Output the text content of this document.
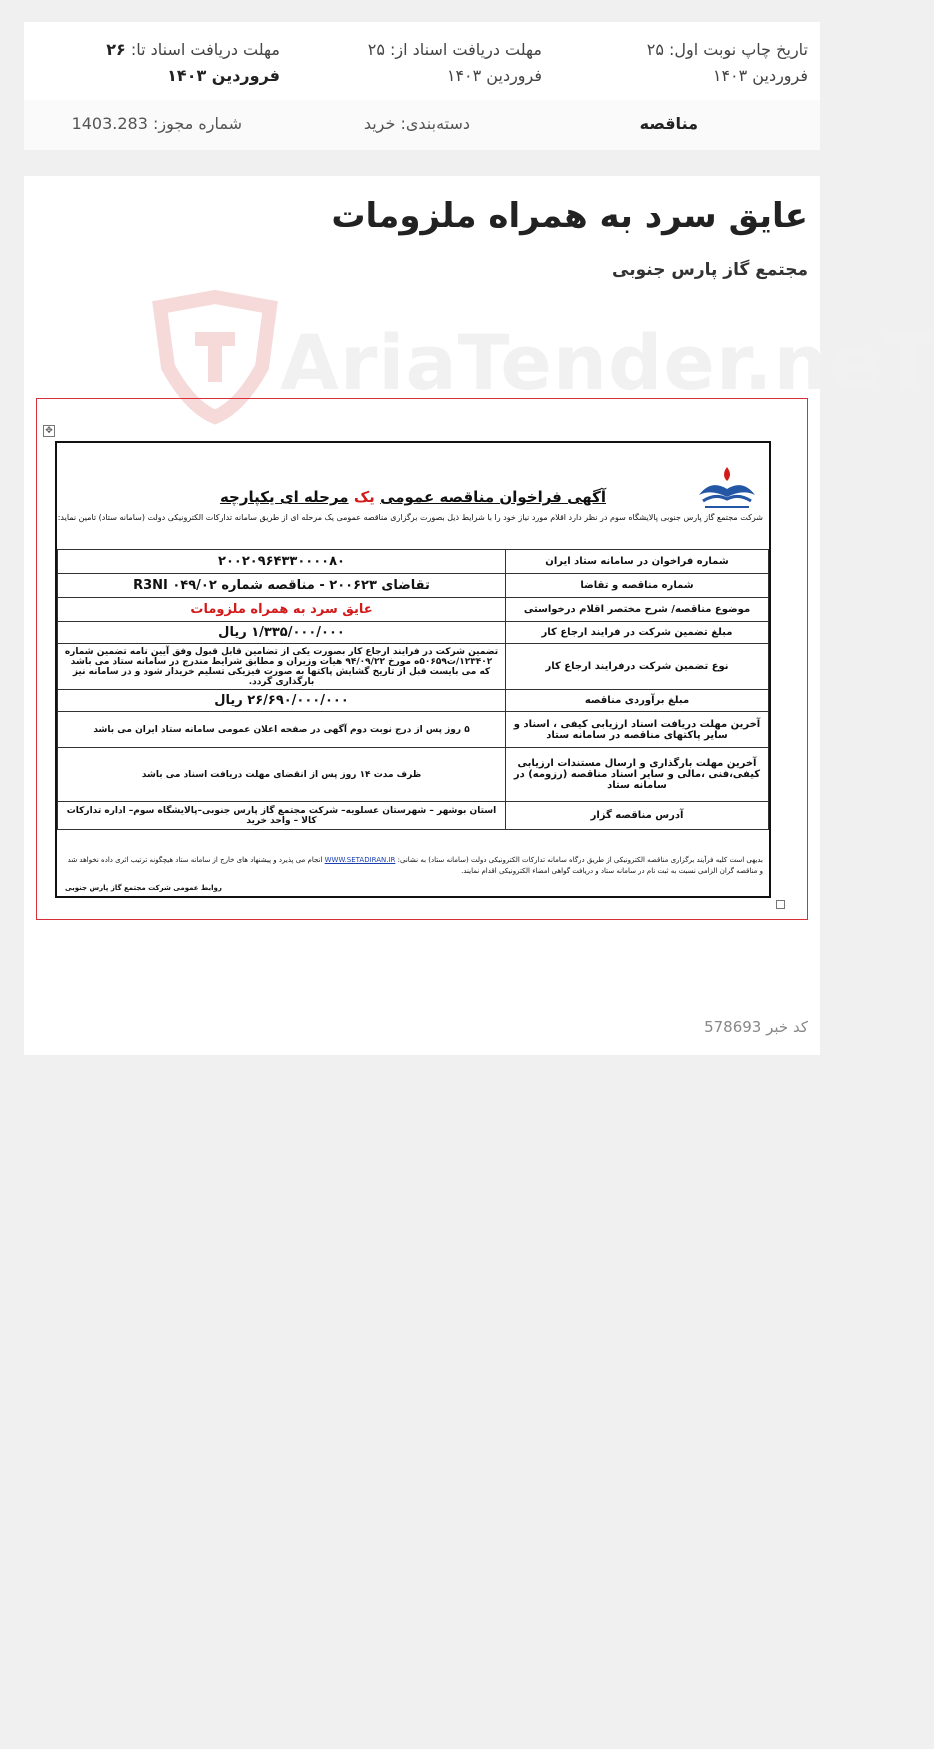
تاریخ چاپ نوبت اول: ۲۵ فروردین ۱۴۰۳
مهلت دریافت اسناد از: ۲۵ فروردین ۱۴۰۳
مهلت دریافت اسناد تا: ۲۶ فروردین ۱۴۰۳
مناقصه
دسته‌بندی: خرید
شماره مجوز: 1403.283
عایق سرد به همراه ملزومات
مجتمع گاز پارس جنوبی
AriaTender.neT
✥
آگهی فراخوان مناقصه عمومی یک مرحله ای یکپارچه
شرکت مجتمع گاز پارس جنوبی پالایشگاه سوم در نظر دارد اقلام مورد نیاز خود را با شرایط ذیل بصورت برگزاری مناقصه عمومی یک مرحله ای از طریق سامانه تدارکات الکترونیکی دولت (سامانه ستاد) تامین نماید:
شماره فراخوان در سامانه ستاد ایران	۲۰۰۲۰۹۶۴۳۳۰۰۰۰۸۰
شماره مناقصه و تقاضا	تقاضای ۲۰۰۶۲۳ - مناقصه شماره R3NI ۰۴۹/۰۲
موضوع مناقصه/ شرح مختصر اقلام درخواستی	عایق سرد به همراه ملزومات
مبلغ تضمین شرکت در فرایند ارجاع کار	۱/۳۳۵/۰۰۰/۰۰۰ ریال
نوع تضمین شرکت درفرایند ارجاع کار	تضمین شرکت در فرایند ارجاع کار بصورت یکی از تضامین قابل قبول وفق آیین نامه تضمین شماره ۱۲۳۴۰۲/ت۵۰۶۵۹ه مورخ ۹۴/۰۹/۲۲ هیات وزیران و مطابق شرایط مندرج در سامانه ستاد می باشد که می بایست قبل از تاریخ گشایش پاکتها به صورت فیزیکی تسلیم خریدار شود و در سامانه نیز بارگذاری گردد.
مبلغ برآوردی مناقصه	۲۶/۶۹۰/۰۰۰/۰۰۰ ریال
آخرین مهلت دریافت اسناد ارزیابی کیفی ، اسناد و سایر پاکتهای مناقصه در سامانه ستاد	۵ روز پس از درج نوبت دوم آگهی در صفحه اعلان عمومی سامانه ستاد ایران می باشد
آخرین مهلت بارگذاری و ارسال مستندات ارزیابی کیفی،فنی ،مالی و سایر اسناد مناقصه (رزومه) در سامانه ستاد	ظرف مدت ۱۴ روز پس از انقضای مهلت دریافت اسناد می باشد
آدرس مناقصه گزار	استان بوشهر – شهرستان عسلویه– شرکت مجتمع گاز پارس جنوبی–پالایشگاه سوم– اداره تدارکات کالا – واحد خرید
بدیهی است کلیه فرآیند برگزاری مناقصه الکترونیکی از طریق درگاه سامانه تدارکات الکترونیکی دولت (سامانه ستاد) به نشانی: WWW.SETADIRAN.IR انجام می پذیرد و پیشنهاد های خارج از سامانه ستاد هیچگونه ترتیب اثری داده نخواهد شد و مناقصه گران الزامی نسبت به ثبت نام در سامانه ستاد و دریافت گواهی امضاء الکترونیکی اقدام نمایند.
روابط عمومی شرکت مجتمع گاز پارس جنوبی
کد خبر 578693
